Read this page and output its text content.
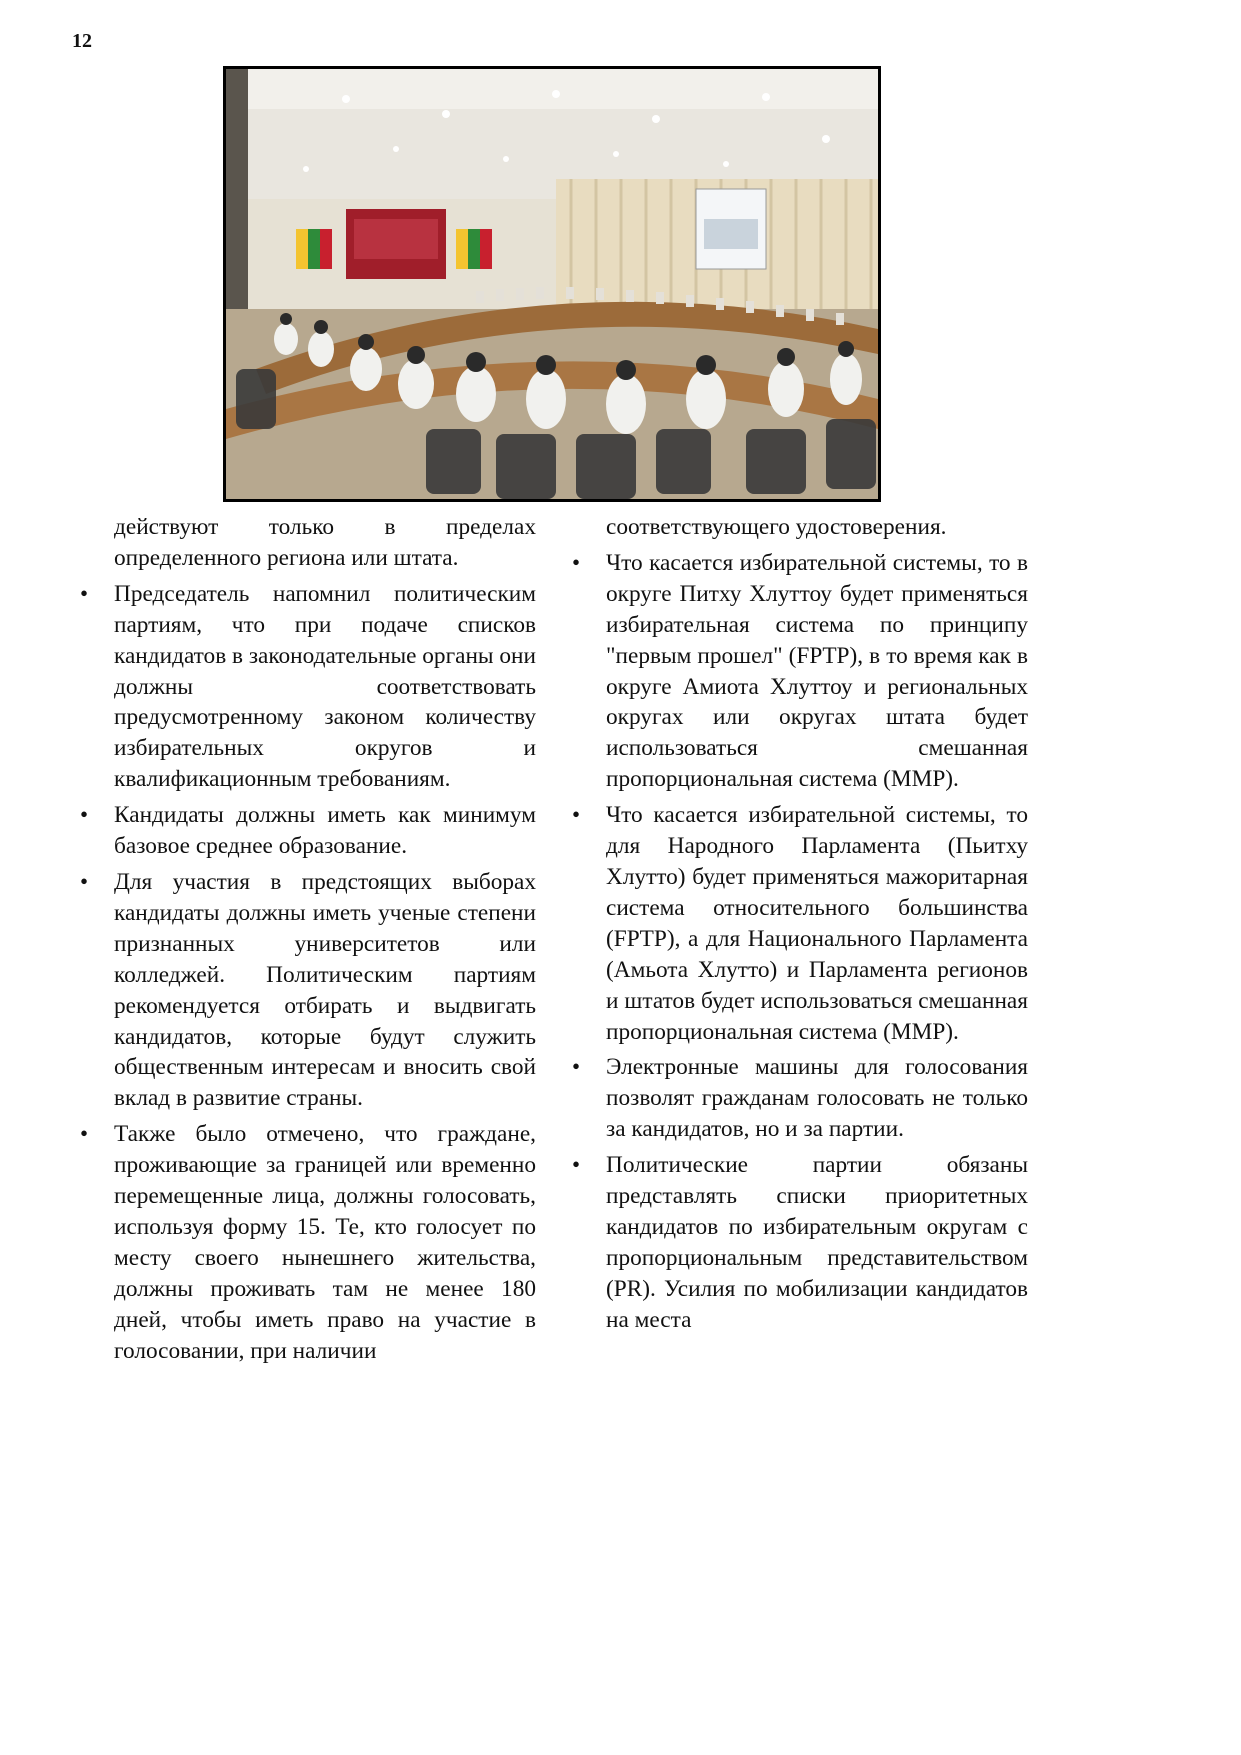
12

действуют только в пределах определенного региона или штата.

• Председатель напомнил политическим партиям, что при подаче списков кандидатов в законодательные органы они должны соответствовать предусмотренному законом количеству избирательных округов и квалификационным требованиям.
• Кандидаты должны иметь как минимум базовое среднее образование.
• Для участия в предстоящих выборах кандидаты должны иметь ученые степени признанных университетов или колледжей. Политическим партиям рекомендуется отбирать и выдвигать кандидатов, которые будут служить общественным интересам и вносить свой вклад в развитие страны.
• Также было отмечено, что граждане, проживающие за границей или временно перемещенные лица, должны голосовать, используя форму 15. Те, кто голосует по месту своего нынешнего жительства, должны проживать там не менее 180 дней, чтобы иметь право на участие в голосовании, при наличии

соответствующего удостоверения.

• Что касается избирательной системы, то в округе Питху Хлуттоу будет применяться избирательная система по принципу "первым прошел" (FPTP), в то время как в округе Амиота Хлуттоу и региональных округах или округах штата будет использоваться смешанная пропорциональная система (MMP).
• Что касается избирательной системы, то для Народного Парламента (Пьитху Хлутто) будет применяться мажоритарная система относительного большинства (FPTP), а для Национального Парламента (Амьота Хлутто) и Парламента регионов и штатов будет использоваться смешанная пропорциональная система (MMP).
• Электронные машины для голосования позволят гражданам голосовать не только за кандидатов, но и за партии.
• Политические партии обязаны представлять списки приоритетных кандидатов по избирательным округам с пропорциональным представительством (PR). Усилия по мобилизации кандидатов на места
